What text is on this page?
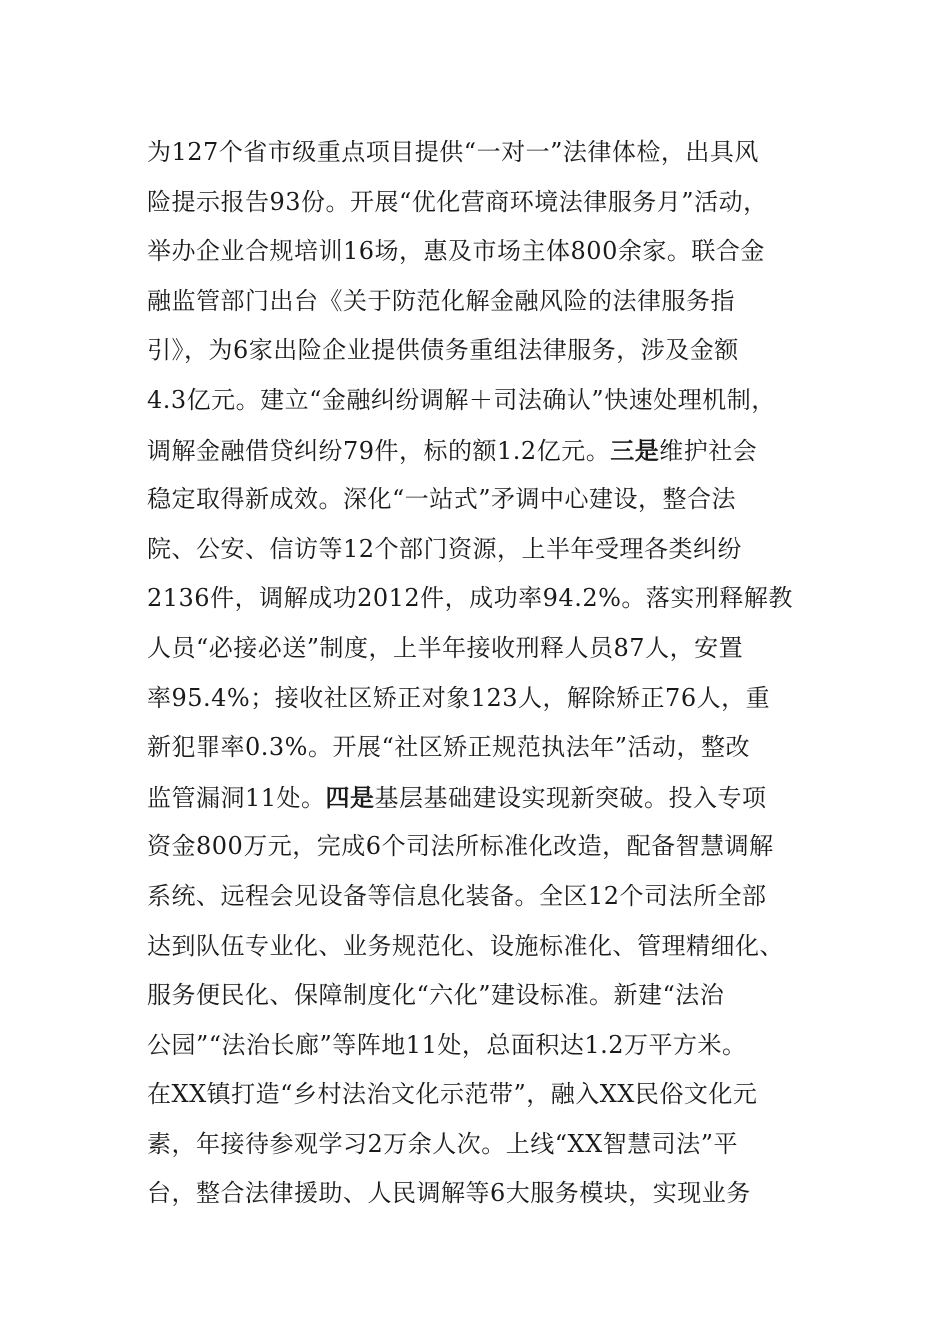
为127个省市级重点项目提供“一对一”法律体检，出具风
险提示报告93份。开展“优化营商环境法律服务月”活动，
举办企业合规培训16场，惠及市场主体800余家。联合金
融监管部门出台《关于防范化解金融风险的法律服务指
引》，为6家出险企业提供债务重组法律服务，涉及金额
4.3亿元。建立“金融纠纷调解＋司法确认”快速处理机制，
调解金融借贷纠纷79件，标的额1.2亿元。三是维护社会
稳定取得新成效。深化“一站式”矛调中心建设，整合法
院、公安、信访等12个部门资源，上半年受理各类纠纷
2136件，调解成功2012件，成功率94.2%。落实刑释解教
人员“必接必送”制度，上半年接收刑释人员87人，安置
率95.4%；接收社区矫正对象123人，解除矫正76人，重
新犯罪率0.3%。开展“社区矫正规范执法年”活动，整改
监管漏洞11处。四是基层基础建设实现新突破。投入专项
资金800万元，完成6个司法所标准化改造，配备智慧调解
系统、远程会见设备等信息化装备。全区12个司法所全部
达到队伍专业化、业务规范化、设施标准化、管理精细化、
服务便民化、保障制度化“六化”建设标准。新建“法治
公园”“法治长廊”等阵地11处，总面积达1.2万平方米。
在XX镇打造“乡村法治文化示范带”，融入XX民俗文化元
素，年接待参观学习2万余人次。上线“XX智慧司法”平
台，整合法律援助、人民调解等6大服务模块，实现业务
